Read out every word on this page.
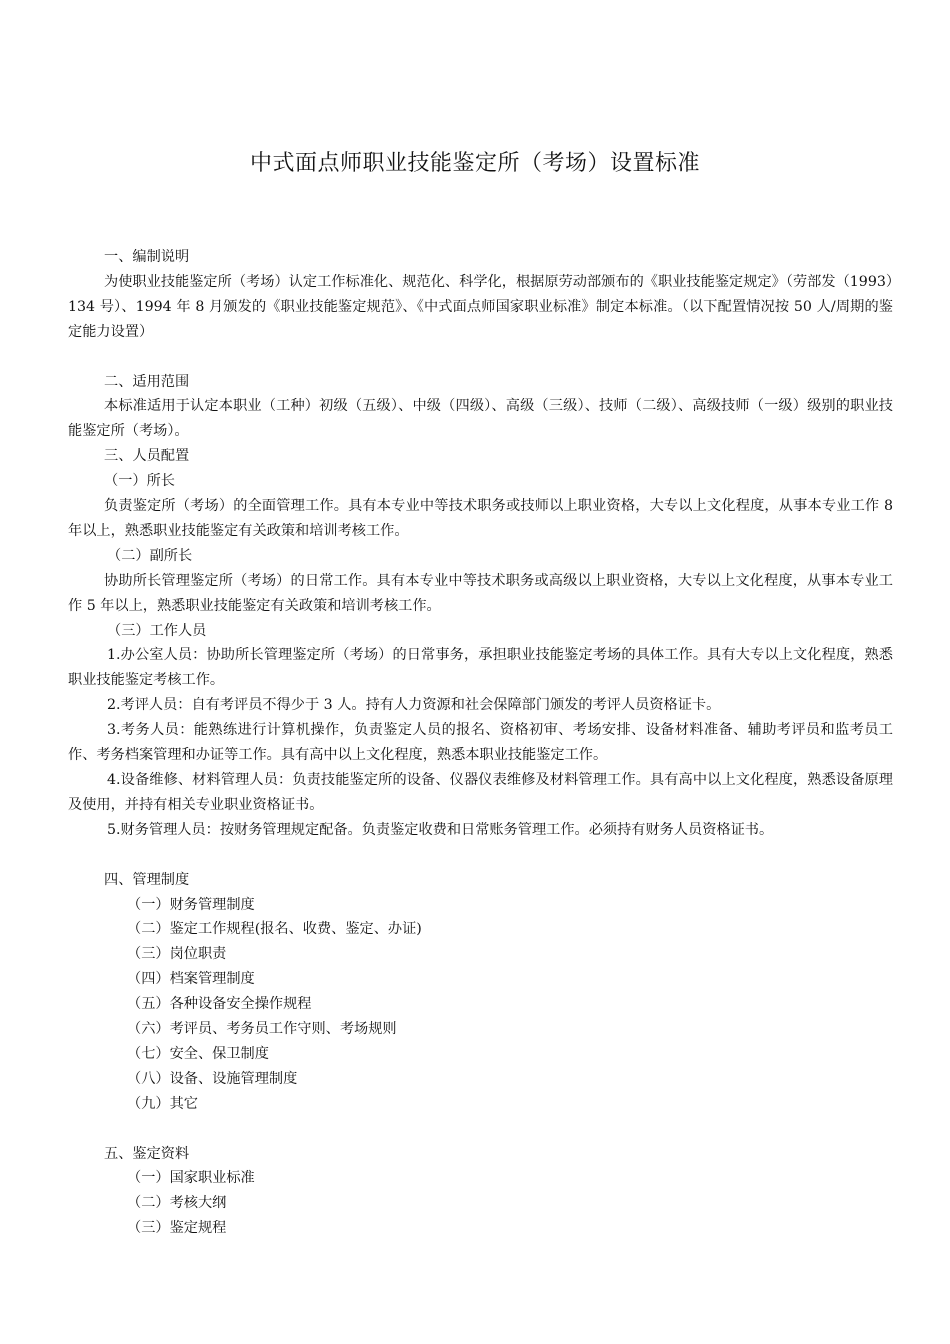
中式面点师职业技能鉴定所（考场）设置标准

一、编制说明

为使职业技能鉴定所（考场）认定工作标准化、规范化、科学化，根据原劳动部颁布的《职业技能鉴定规定》（劳部发（1993）134 号）、1994 年 8 月颁发的《职业技能鉴定规范》、《中式面点师国家职业标准》制定本标准。（以下配置情况按 50 人/周期的鉴定能力设置）

二、适用范围

本标准适用于认定本职业（工种）初级（五级）、中级（四级）、高级（三级）、技师（二级）、高级技师（一级）级别的职业技能鉴定所（考场）。

三、人员配置

（一）所长

负责鉴定所（考场）的全面管理工作。具有本专业中等技术职务或技师以上职业资格，大专以上文化程度，从事本专业工作 8 年以上，熟悉职业技能鉴定有关政策和培训考核工作。

（二）副所长

协助所长管理鉴定所（考场）的日常工作。具有本专业中等技术职务或高级以上职业资格，大专以上文化程度，从事本专业工作 5 年以上，熟悉职业技能鉴定有关政策和培训考核工作。

（三）工作人员

1.办公室人员：协助所长管理鉴定所（考场）的日常事务，承担职业技能鉴定考场的具体工作。具有大专以上文化程度，熟悉职业技能鉴定考核工作。

2.考评人员：自有考评员不得少于 3 人。持有人力资源和社会保障部门颁发的考评人员资格证卡。

3.考务人员：能熟练进行计算机操作，负责鉴定人员的报名、资格初审、考场安排、设备材料准备、辅助考评员和监考员工作、考务档案管理和办证等工作。具有高中以上文化程度，熟悉本职业技能鉴定工作。

4.设备维修、材料管理人员：负责技能鉴定所的设备、仪器仪表维修及材料管理工作。具有高中以上文化程度，熟悉设备原理及使用，并持有相关专业职业资格证书。

5.财务管理人员：按财务管理规定配备。负责鉴定收费和日常账务管理工作。必须持有财务人员资格证书。

四、管理制度

（一）财务管理制度

（二）鉴定工作规程(报名、收费、鉴定、办证)

（三）岗位职责

（四）档案管理制度

（五）各种设备安全操作规程

（六）考评员、考务员工作守则、考场规则

（七）安全、保卫制度

（八）设备、设施管理制度

（九）其它

五、鉴定资料

（一）国家职业标准

（二）考核大纲

（三）鉴定规程
